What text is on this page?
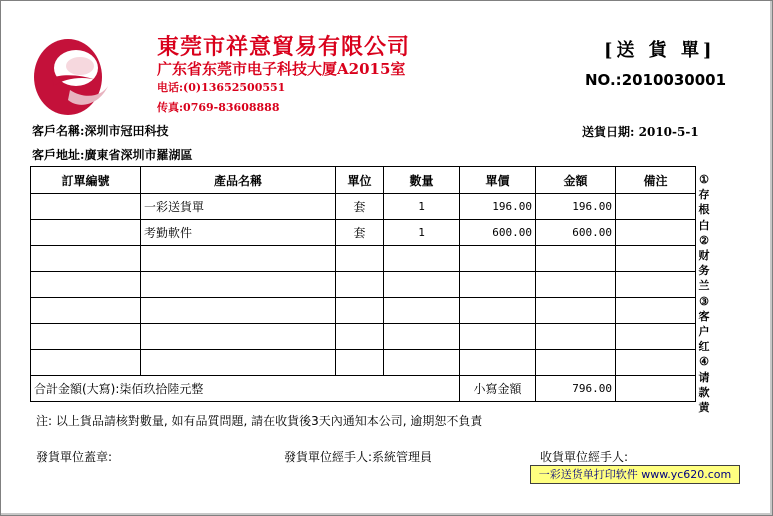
東莞市祥意貿易有限公司
广东省东莞市电子科技大厦A2015室
电话:(0)13652500551
传真:0769-83608888
[送 貨 單]
NO.:2010030001
客戶名稱:深圳市冠田科技
客戶地址:廣東省深圳市羅湖區
送貨日期: 2010-5-1
訂單編號	產品名稱	單位	數量	單價	金額	備注
	一彩送貨單	套	1	196.00	196.00	
	考勤軟件	套	1	600.00	600.00	

合計金額(大寫):柒佰玖拾陸元整				小寫金額	796.00	
①
存
根
白
②
财
务
兰
③
客
户
红
④
请
款
黄
注: 以上貨品請核對數量, 如有品質問題, 請在收貨後3天內通知本公司, 逾期恕不負責
發貨單位蓋章:	發貨單位經手人:系統管理員	收貨單位經手人:
一彩送货单打印软件 www.yc620.com
